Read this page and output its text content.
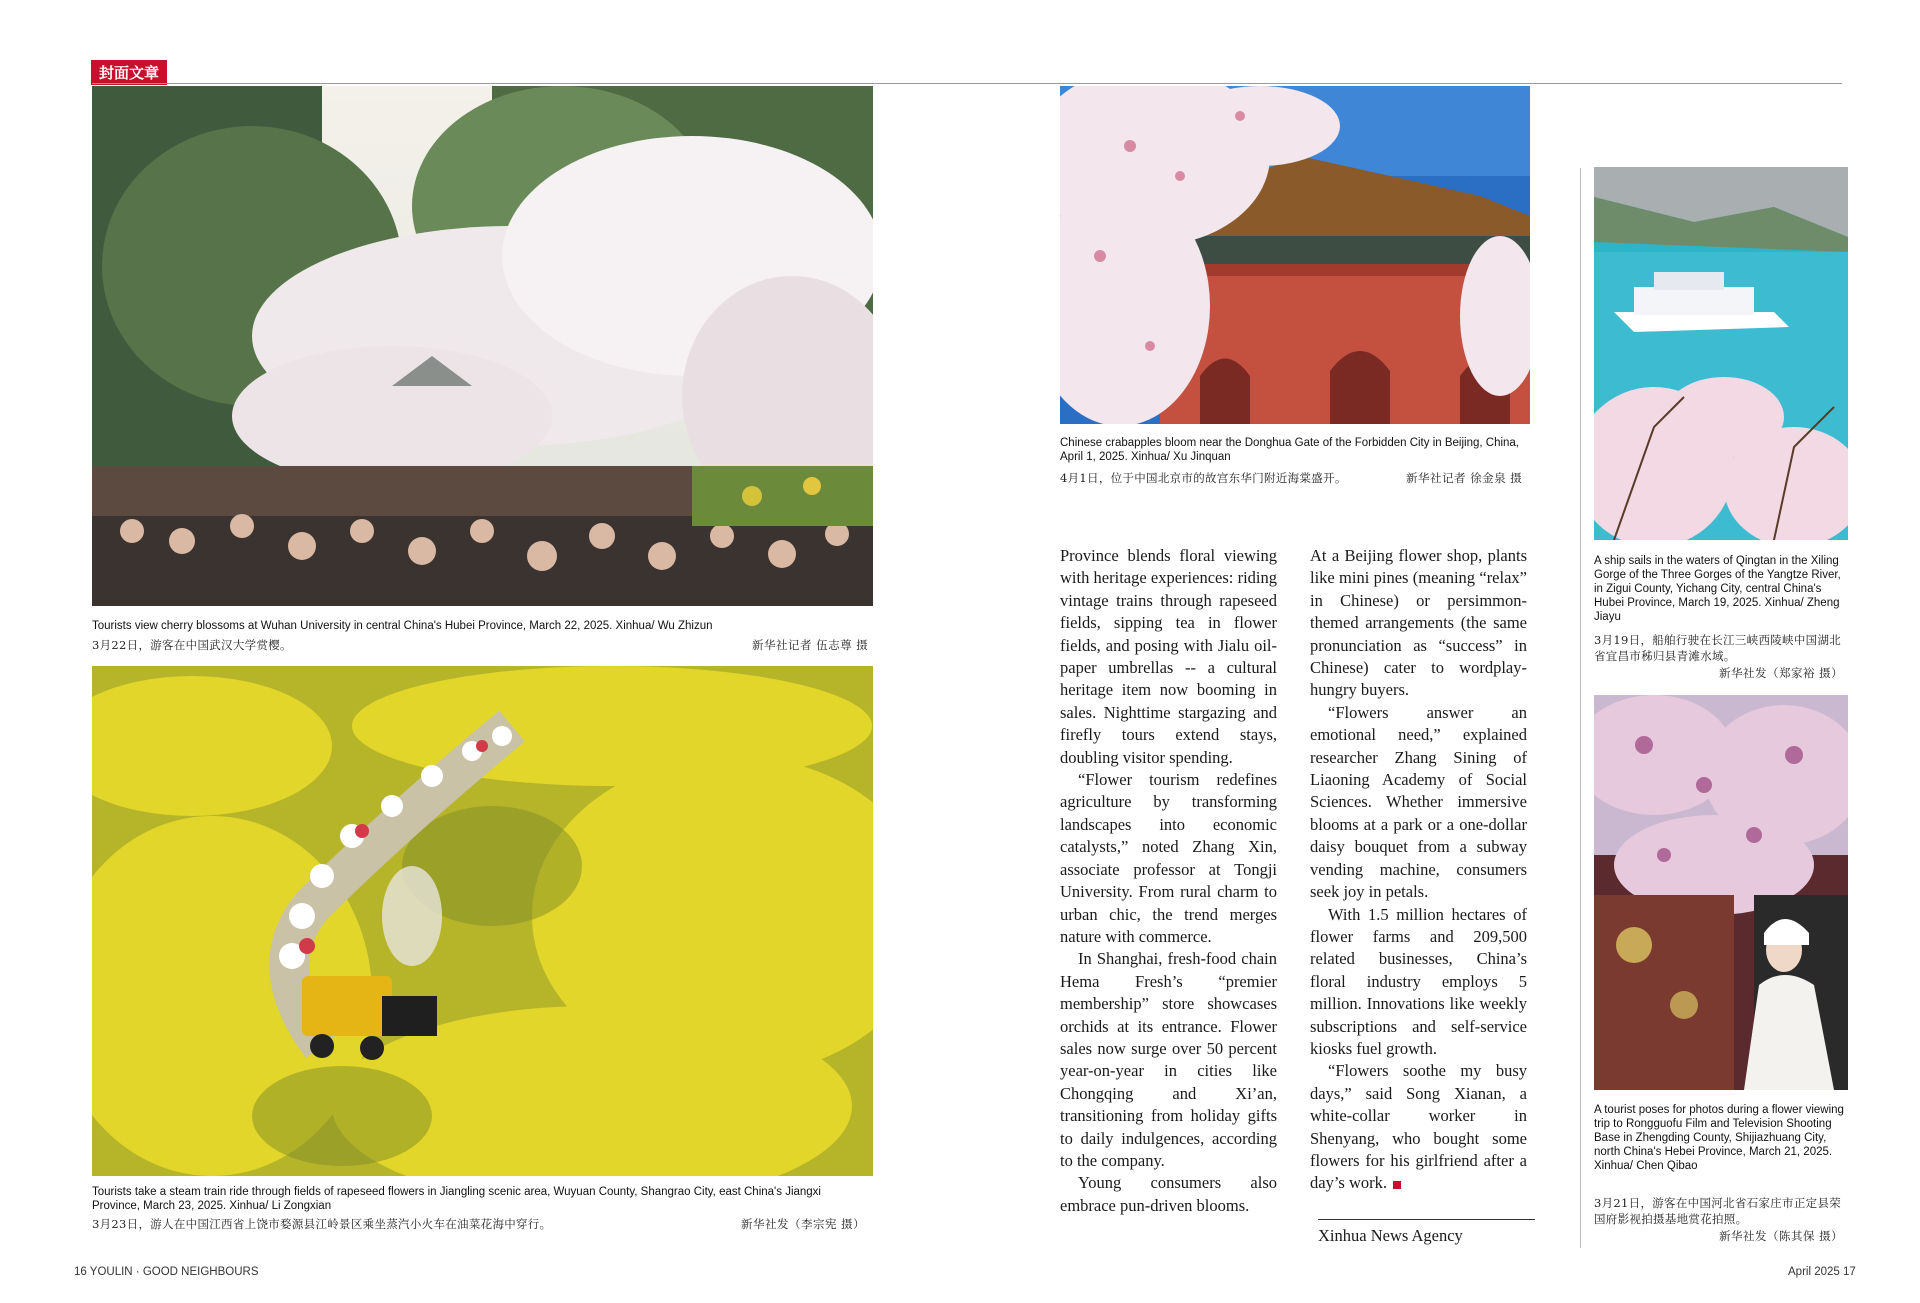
封面文章
Tourists view cherry blossoms at Wuhan University in central China's Hubei Province, March 22, 2025. Xinhua/ Wu Zhizun
3月22日，游客在中国武汉大学赏樱。	新华社记者 伍志尊 摄
Tourists take a steam train ride through fields of rapeseed flowers in Jiangling scenic area, Wuyuan County, Shangrao City, east China's Jiangxi Province, March 23, 2025. Xinhua/ Li Zongxian
3月23日，游人在中国江西省上饶市婺源县江岭景区乘坐蒸汽小火车在油菜花海中穿行。	新华社发（李宗宪 摄）
Chinese crabapples bloom near the Donghua Gate of the Forbidden City in Beijing, China, April 1, 2025. Xinhua/ Xu Jinquan
4月1日，位于中国北京市的故宫东华门附近海棠盛开。	新华社记者 徐金泉 摄

Province blends floral viewing with heritage experiences: riding vintage trains through rapeseed fields, sipping tea in flower fields, and posing with Jialu oil-paper umbrellas -- a cultural heritage item now booming in sales. Nighttime stargazing and firefly tours extend stays, doubling visitor spending.

“Flower tourism redefines agriculture by transforming landscapes into economic catalysts,” noted Zhang Xin, associate professor at Tongji University. From rural charm to urban chic, the trend merges nature with commerce.

In Shanghai, fresh-food chain Hema Fresh’s “premier membership” store showcases orchids at its entrance. Flower sales now surge over 50 percent year-on-year in cities like Chongqing and Xi’an, transitioning from holiday gifts to daily indulgences, according to the company.

Young consumers also embrace pun-driven blooms.

At a Beijing flower shop, plants like mini pines (meaning “relax” in Chinese) or persimmon-themed arrangements (the same pronunciation as “success” in Chinese) cater to wordplay-hungry buyers.

“Flowers answer an emotional need,” explained researcher Zhang Sining of Liaoning Academy of Social Sciences. Whether immersive blooms at a park or a one-dollar daisy bouquet from a subway vending machine, consumers seek joy in petals.

With 1.5 million hectares of flower farms and 209,500 related businesses, China’s floral industry employs 5 million. Innovations like weekly subscriptions and self-service kiosks fuel growth.

“Flowers soothe my busy days,” said Song Xianan, a white-collar worker in Shenyang, who bought some flowers for his girlfriend after a day’s work.

Xinhua News Agency
A ship sails in the waters of Qingtan in the Xiling Gorge of the Three Gorges of the Yangtze River, in Zigui County, Yichang City, central China's Hubei Province, March 19, 2025. Xinhua/ Zheng Jiayu
3月19日，船舶行驶在长江三峡西陵峡中国湖北省宜昌市秭归县青滩水域。
新华社发（郑家裕 摄）
A tourist poses for photos during a flower viewing trip to Rongguofu Film and Television Shooting Base in Zhengding County, Shijiazhuang City, north China's Hebei Province, March 21, 2025. Xinhua/ Chen Qibao
3月21日，游客在中国河北省石家庄市正定县荣国府影视拍摄基地赏花拍照。
新华社发（陈其保 摄）
16 YOULIN · GOOD NEIGHBOURS	April 2025 17
